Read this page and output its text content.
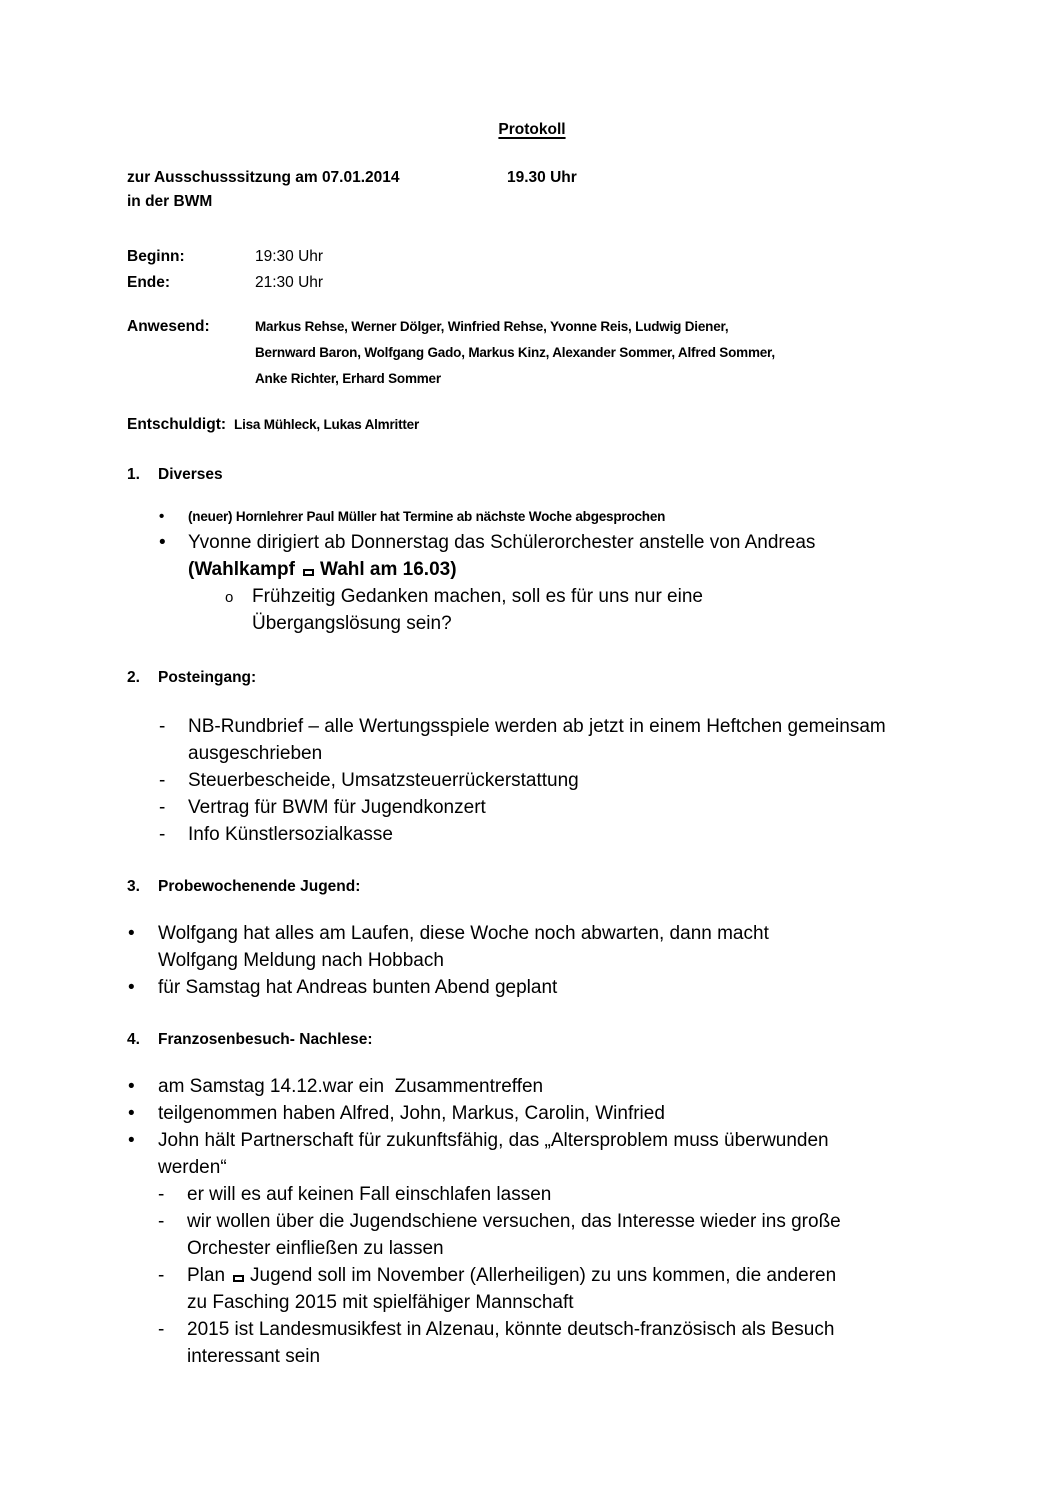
Protokoll
zur Ausschusssitzung am 07.01.2014	19.30 Uhr
in der BWM
Beginn:	19:30 Uhr
Ende:	21:30 Uhr
Anwesend:	Markus Rehse, Werner Dölger, Winfried Rehse, Yvonne Reis, Ludwig Diener,
Bernward Baron, Wolfgang Gado, Markus Kinz, Alexander Sommer, Alfred Sommer,
Anke Richter, Erhard Sommer
Entschuldigt: Lisa Mühleck, Lukas Almritter
1. Diverses
• (neuer) Hornlehrer Paul Müller hat Termine ab nächste Woche abgesprochen
• Yvonne dirigiert ab Donnerstag das Schülerorchester anstelle von Andreas
(Wahlkampf Wahl am 16.03)
o Frühzeitig Gedanken machen, soll es für uns nur eine Übergangslösung sein?
2. Posteingang:
- NB-Rundbrief – alle Wertungsspiele werden ab jetzt in einem Heftchen gemeinsam ausgeschrieben
- Steuerbescheide, Umsatzsteuerrückerstattung
- Vertrag für BWM für Jugendkonzert
- Info Künstlersozialkasse
3. Probewochenende Jugend:
• Wolfgang hat alles am Laufen, diese Woche noch abwarten, dann macht Wolfgang Meldung nach Hobbach
• für Samstag hat Andreas bunten Abend geplant
4. Franzosenbesuch- Nachlese:
• am Samstag 14.12.war ein  Zusammentreffen
• teilgenommen haben Alfred, John, Markus, Carolin, Winfried
• John hält Partnerschaft für zukunftsfähig, das „Altersproblem muss überwunden werden“
- er will es auf keinen Fall einschlafen lassen
- wir wollen über die Jugendschiene versuchen, das Interesse wieder ins große Orchester einfließen zu lassen
- Plan Jugend soll im November (Allerheiligen) zu uns kommen, die anderen zu Fasching 2015 mit spielfähiger Mannschaft
- 2015 ist Landesmusikfest in Alzenau, könnte deutsch-französisch als Besuch interessant sein
